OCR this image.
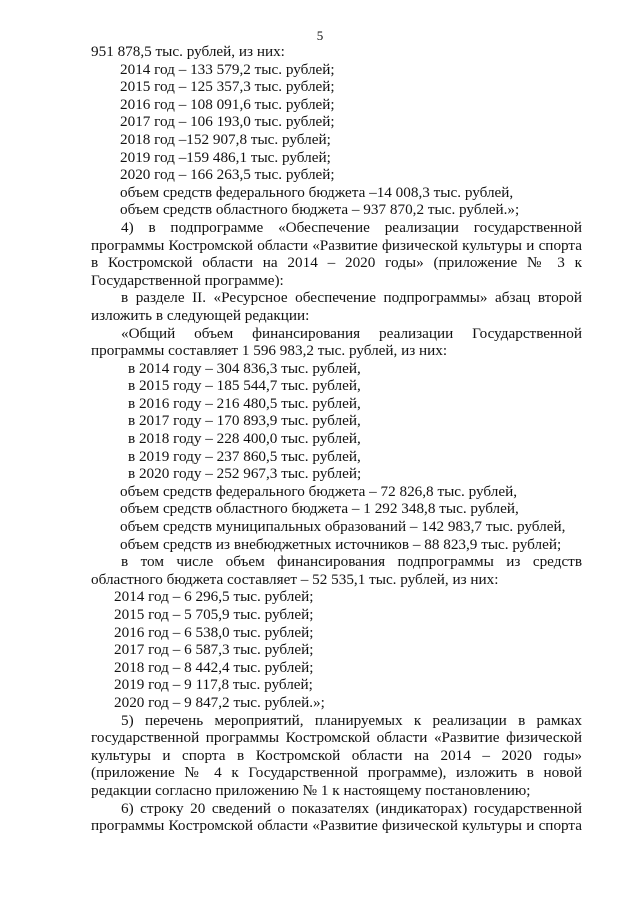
5
951 878,5 тыс. рублей, из них:
2014 год – 133 579,2 тыс. рублей;
2015 год – 125 357,3 тыс. рублей;
2016 год – 108 091,6 тыс. рублей;
2017 год – 106 193,0 тыс. рублей;
2018 год –152 907,8 тыс. рублей;
2019 год –159 486,1 тыс. рублей;
2020 год – 166 263,5 тыс. рублей;
объем средств федерального бюджета –14 008,3 тыс. рублей,
объем средств областного бюджета – 937 870,2 тыс. рублей.»;
4) в подпрограмме «Обеспечение реализации государственной
программы Костромской области «Развитие физической культуры и спорта
в Костромской области на 2014 – 2020 годы» (приложение № 3 к
Государственной программе):
в разделе II. «Ресурсное обеспечение подпрограммы» абзац второй
изложить в следующей редакции:
«Общий объем финансирования реализации Государственной
программы составляет 1 596 983,2 тыс. рублей, из них:
в 2014 году – 304 836,3 тыс. рублей,
в 2015 году – 185 544,7 тыс. рублей,
в 2016 году – 216 480,5 тыс. рублей,
в 2017 году – 170 893,9 тыс. рублей,
в 2018 году – 228 400,0 тыс. рублей,
в 2019 году – 237 860,5 тыс. рублей,
в 2020 году – 252 967,3 тыс. рублей;
объем средств федерального бюджета – 72 826,8 тыс. рублей,
объем средств областного бюджета – 1 292 348,8 тыс. рублей,
объем средств муниципальных образований – 142 983,7 тыс. рублей,
объем средств из внебюджетных источников – 88 823,9 тыс. рублей;
в том числе объем финансирования подпрограммы из средств
областного бюджета составляет – 52 535,1 тыс. рублей, из них:
2014 год – 6 296,5 тыс. рублей;
2015 год – 5 705,9 тыс. рублей;
2016 год – 6 538,0 тыс. рублей;
2017 год – 6 587,3 тыс. рублей;
2018 год – 8 442,4 тыс. рублей;
2019 год – 9 117,8 тыс. рублей;
2020 год – 9 847,2 тыс. рублей.»;
5) перечень мероприятий, планируемых к реализации в рамках
государственной программы Костромской области «Развитие физической
культуры и спорта в Костромской области на 2014 – 2020 годы»
(приложение № 4 к Государственной программе), изложить в новой
редакции согласно приложению № 1 к настоящему постановлению;
6) строку 20 сведений о показателях (индикаторах) государственной
программы Костромской области «Развитие физической культуры и спорта
